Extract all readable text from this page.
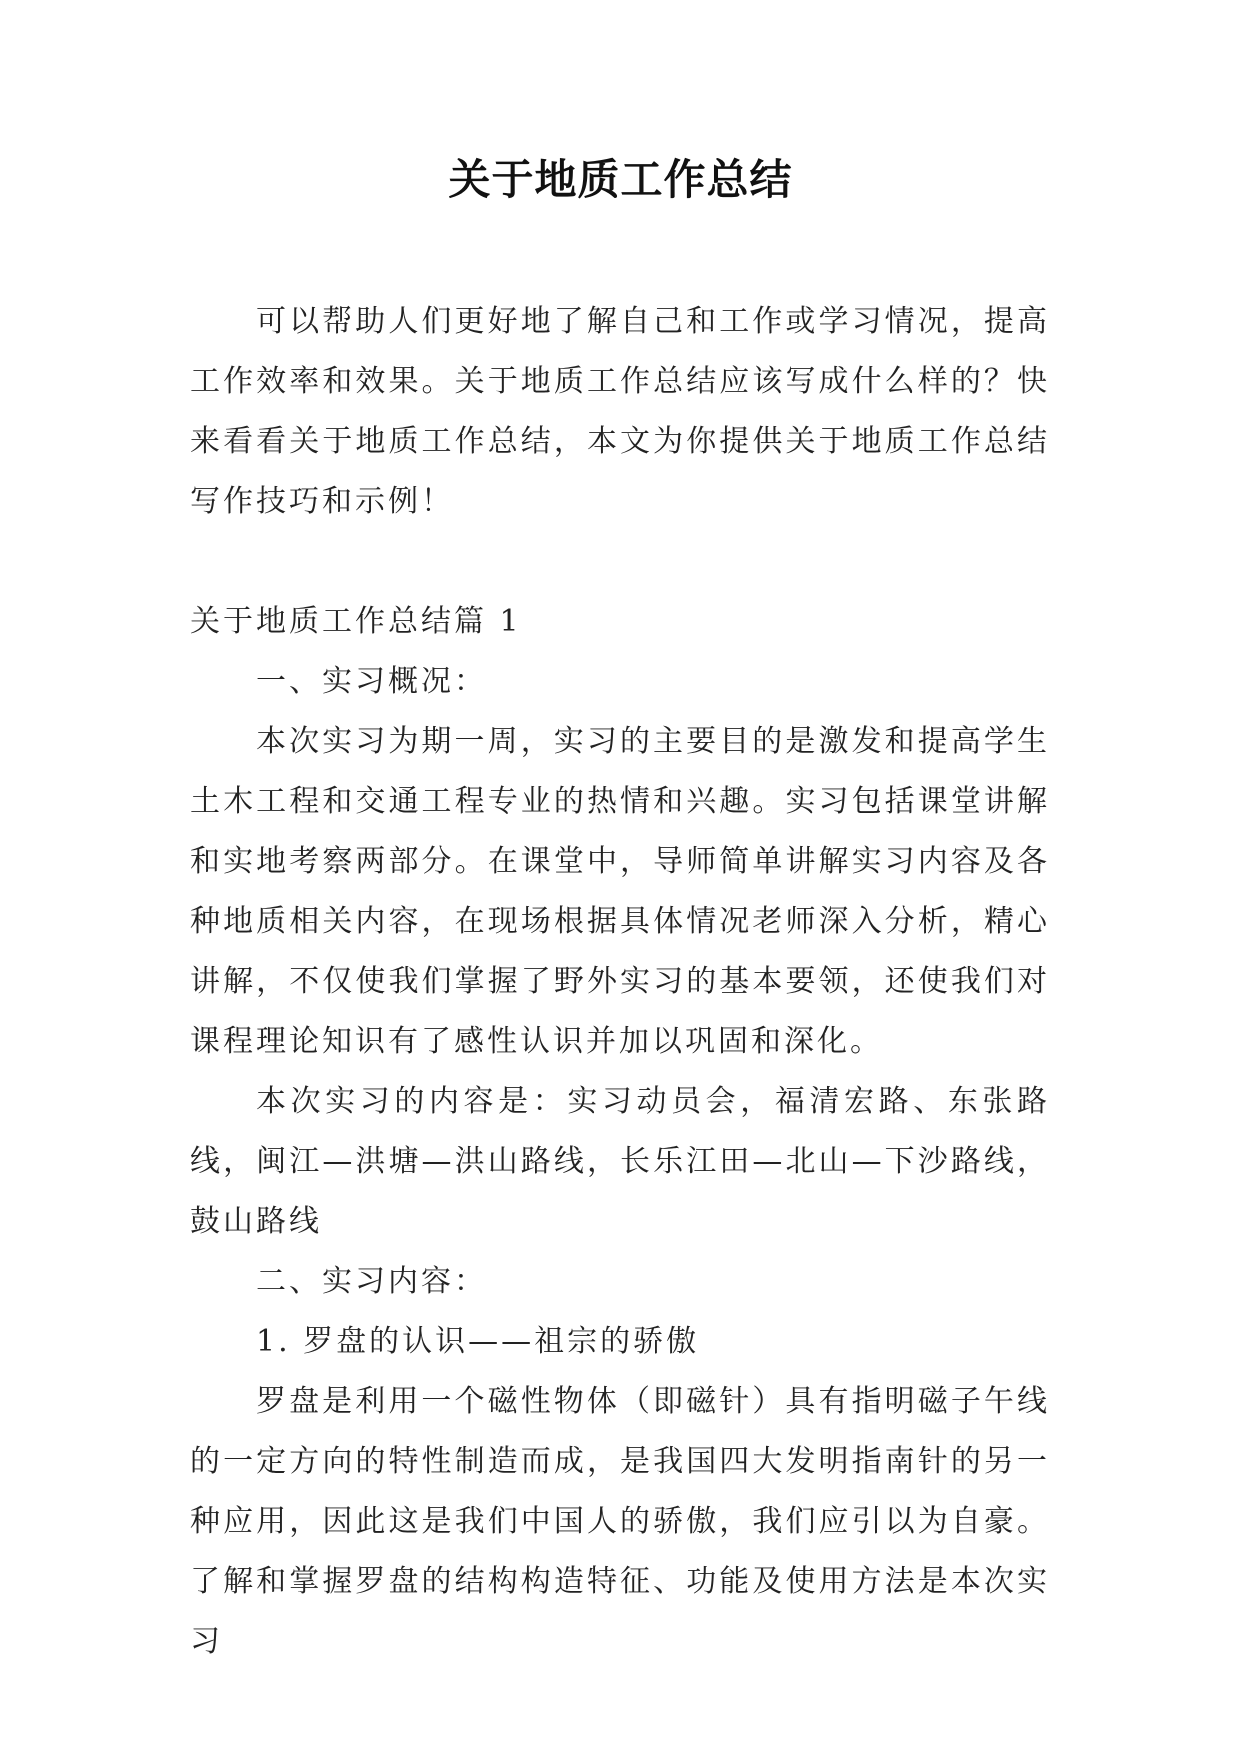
关于地质工作总结

可以帮助人们更好地了解自己和工作或学习情况，提高工作效率和效果。关于地质工作总结应该写成什么样的？快来看看关于地质工作总结，本文为你提供关于地质工作总结写作技巧和示例！

关于地质工作总结篇 1

一、实习概况：

本次实习为期一周，实习的主要目的是激发和提高学生土木工程和交通工程专业的热情和兴趣。实习包括课堂讲解和实地考察两部分。在课堂中，导师简单讲解实习内容及各种地质相关内容，在现场根据具体情况老师深入分析，精心讲解，不仅使我们掌握了野外实习的基本要领，还使我们对课程理论知识有了感性认识并加以巩固和深化。

本次实习的内容是：实习动员会，福清宏路、东张路线，闽江—洪塘—洪山路线，长乐江田—北山—下沙路线，鼓山路线

二、实习内容：

1. 罗盘的认识——祖宗的骄傲

罗盘是利用一个磁性物体（即磁针）具有指明磁子午线的一定方向的特性制造而成，是我国四大发明指南针的另一种应用，因此这是我们中国人的骄傲，我们应引以为自豪。了解和掌握罗盘的结构构造特征、功能及使用方法是本次实习
